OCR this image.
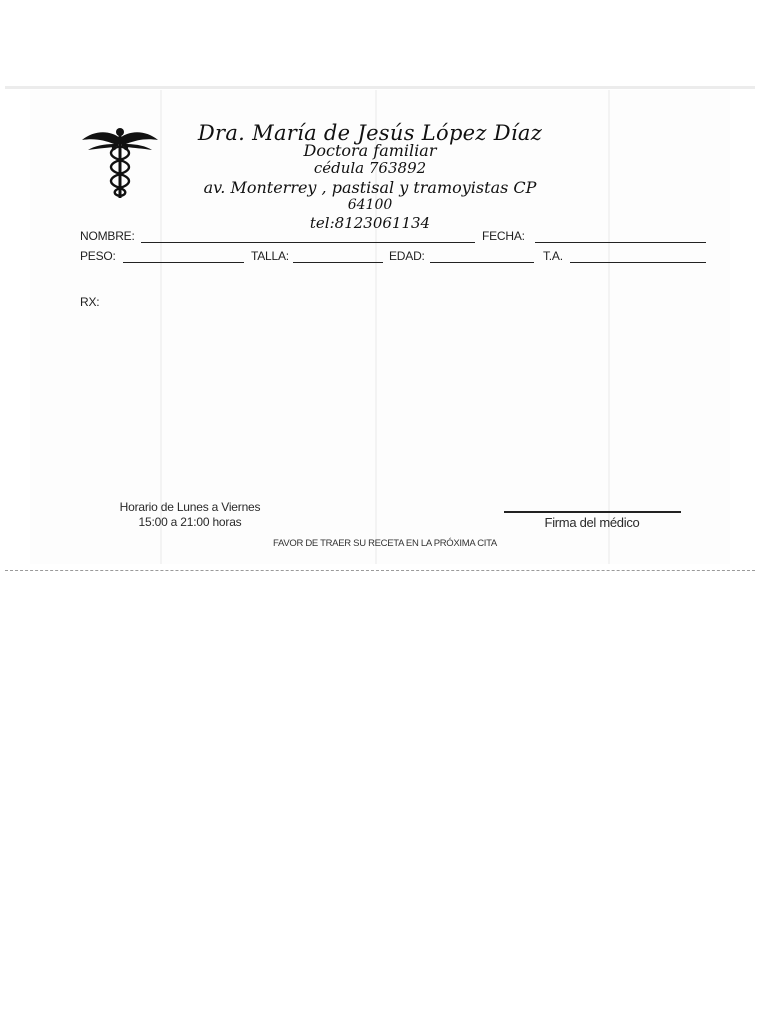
Dra. María de Jesús López Díaz
Doctora familiar
cédula 763892
av. Monterrey , pastisal y tramoyistas CP
64100
tel:8123061134
NOMBRE:	FECHA:
PESO:	TALLA:	EDAD:	T.A.
RX:
Horario de Lunes a Viernes
15:00 a 21:00 horas	Firma del médico
FAVOR DE TRAER SU RECETA EN LA PRÓXIMA CITA
